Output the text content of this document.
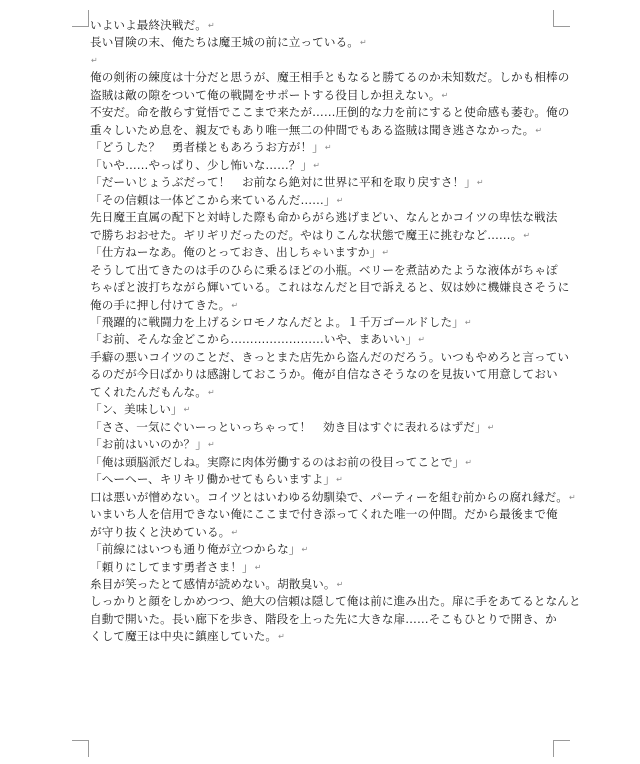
いよいよ最終決戦だ。↵
長い冒険の末、俺たちは魔王城の前に立っている。↵
↵
俺の剣術の練度は十分だと思うが、魔王相手ともなると勝てるのか未知数だ。しかも相棒の
盗賊は敵の隙をついて俺の戦闘をサポートする役目しか担えない。↵
不安だ。命を散らす覚悟でここまで来たが……圧倒的な力を前にすると使命感も萎む。俺の
重々しいため息を、親友でもあり唯一無二の仲間でもある盗賊は聞き逃さなかった。↵
「どうした？　勇者様ともあろうお方が！」↵
「いや……やっぱり、少し怖いな……？」↵
「だーいじょうぶだって！　お前なら絶対に世界に平和を取り戻すさ！」↵
「その信頼は一体どこから来ているんだ……」↵
先日魔王直属の配下と対峙した際も命からがら逃げまどい、なんとかコイツの卑怯な戦法
で勝ちおおせた。ギリギリだったのだ。やはりこんな状態で魔王に挑むなど……。↵
「仕方ねーなあ。俺のとっておき、出しちゃいますか」↵
そうして出てきたのは手のひらに乗るほどの小瓶。ベリーを煮詰めたような液体がちゃぽ
ちゃぽと波打ちながら輝いている。これはなんだと目で訴えると、奴は妙に機嫌良さそうに
俺の手に押し付けてきた。↵
「飛躍的に戦闘力を上げるシロモノなんだとよ。１千万ゴールドした」↵
「お前、そんな金どこから……………………いや、まあいい」↵
手癖の悪いコイツのことだ、きっとまた店先から盗んだのだろう。いつもやめろと言ってい
るのだが今日ばかりは感謝しておこうか。俺が自信なさそうなのを見抜いて用意しておい
てくれたんだもんな。↵
「ン、美味しい」↵
「ささ、一気にぐいーっといっちゃって！　効き目はすぐに表れるはずだ」↵
「お前はいいのか？」↵
「俺は頭脳派だしね。実際に肉体労働するのはお前の役目ってことで」↵
「へーへー、キリキリ働かせてもらいますよ」↵
口は悪いが憎めない。コイツとはいわゆる幼馴染で、パーティーを組む前からの腐れ縁だ。↵
いまいち人を信用できない俺にここまで付き添ってくれた唯一の仲間。だから最後まで俺
が守り抜くと決めている。↵
「前線にはいつも通り俺が立つからな」↵
「頼りにしてます勇者さま！」↵
糸目が笑ったとて感情が読めない。胡散臭い。↵
しっかりと顔をしかめつつ、絶大の信頼は隠して俺は前に進み出た。扉に手をあてるとなんと
自動で開いた。長い廊下を歩き、階段を上った先に大きな扉……そこもひとりで開き、か
くして魔王は中央に鎮座していた。↵
